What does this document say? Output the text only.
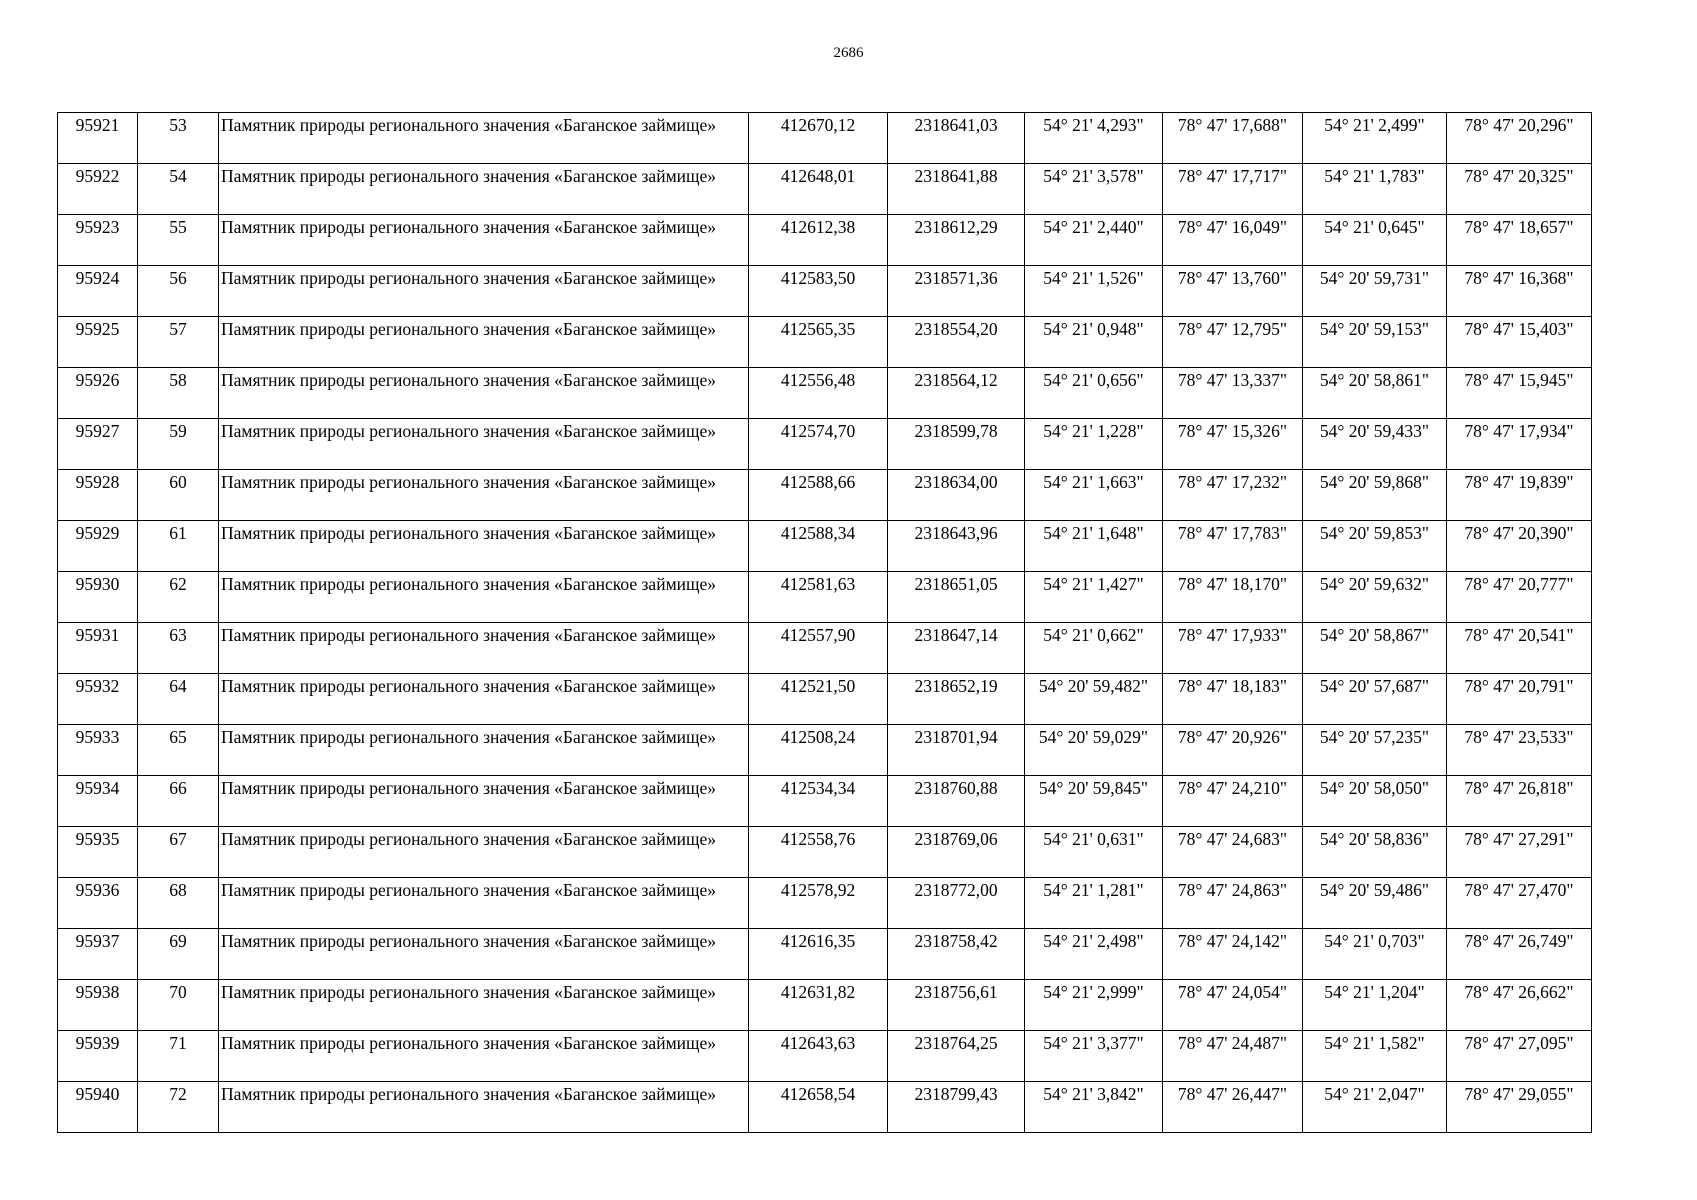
2686
95921	53	Памятник природы регионального значения «Баганское займище»	412670,12	2318641,03	54° 21' 4,293"	78° 47' 17,688"	54° 21' 2,499"	78° 47' 20,296"
95922	54	Памятник природы регионального значения «Баганское займище»	412648,01	2318641,88	54° 21' 3,578"	78° 47' 17,717"	54° 21' 1,783"	78° 47' 20,325"
95923	55	Памятник природы регионального значения «Баганское займище»	412612,38	2318612,29	54° 21' 2,440"	78° 47' 16,049"	54° 21' 0,645"	78° 47' 18,657"
95924	56	Памятник природы регионального значения «Баганское займище»	412583,50	2318571,36	54° 21' 1,526"	78° 47' 13,760"	54° 20' 59,731"	78° 47' 16,368"
95925	57	Памятник природы регионального значения «Баганское займище»	412565,35	2318554,20	54° 21' 0,948"	78° 47' 12,795"	54° 20' 59,153"	78° 47' 15,403"
95926	58	Памятник природы регионального значения «Баганское займище»	412556,48	2318564,12	54° 21' 0,656"	78° 47' 13,337"	54° 20' 58,861"	78° 47' 15,945"
95927	59	Памятник природы регионального значения «Баганское займище»	412574,70	2318599,78	54° 21' 1,228"	78° 47' 15,326"	54° 20' 59,433"	78° 47' 17,934"
95928	60	Памятник природы регионального значения «Баганское займище»	412588,66	2318634,00	54° 21' 1,663"	78° 47' 17,232"	54° 20' 59,868"	78° 47' 19,839"
95929	61	Памятник природы регионального значения «Баганское займище»	412588,34	2318643,96	54° 21' 1,648"	78° 47' 17,783"	54° 20' 59,853"	78° 47' 20,390"
95930	62	Памятник природы регионального значения «Баганское займище»	412581,63	2318651,05	54° 21' 1,427"	78° 47' 18,170"	54° 20' 59,632"	78° 47' 20,777"
95931	63	Памятник природы регионального значения «Баганское займище»	412557,90	2318647,14	54° 21' 0,662"	78° 47' 17,933"	54° 20' 58,867"	78° 47' 20,541"
95932	64	Памятник природы регионального значения «Баганское займище»	412521,50	2318652,19	54° 20' 59,482"	78° 47' 18,183"	54° 20' 57,687"	78° 47' 20,791"
95933	65	Памятник природы регионального значения «Баганское займище»	412508,24	2318701,94	54° 20' 59,029"	78° 47' 20,926"	54° 20' 57,235"	78° 47' 23,533"
95934	66	Памятник природы регионального значения «Баганское займище»	412534,34	2318760,88	54° 20' 59,845"	78° 47' 24,210"	54° 20' 58,050"	78° 47' 26,818"
95935	67	Памятник природы регионального значения «Баганское займище»	412558,76	2318769,06	54° 21' 0,631"	78° 47' 24,683"	54° 20' 58,836"	78° 47' 27,291"
95936	68	Памятник природы регионального значения «Баганское займище»	412578,92	2318772,00	54° 21' 1,281"	78° 47' 24,863"	54° 20' 59,486"	78° 47' 27,470"
95937	69	Памятник природы регионального значения «Баганское займище»	412616,35	2318758,42	54° 21' 2,498"	78° 47' 24,142"	54° 21' 0,703"	78° 47' 26,749"
95938	70	Памятник природы регионального значения «Баганское займище»	412631,82	2318756,61	54° 21' 2,999"	78° 47' 24,054"	54° 21' 1,204"	78° 47' 26,662"
95939	71	Памятник природы регионального значения «Баганское займище»	412643,63	2318764,25	54° 21' 3,377"	78° 47' 24,487"	54° 21' 1,582"	78° 47' 27,095"
95940	72	Памятник природы регионального значения «Баганское займище»	412658,54	2318799,43	54° 21' 3,842"	78° 47' 26,447"	54° 21' 2,047"	78° 47' 29,055"
